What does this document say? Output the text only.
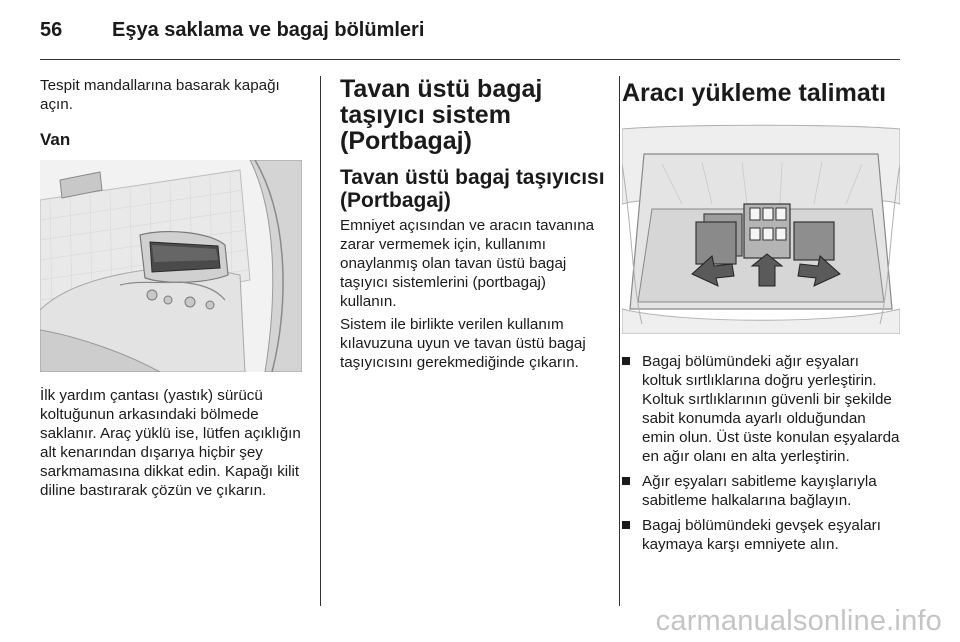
56 Eşya saklama ve bagaj bölümleri

Tespit mandallarına basarak kapağı açın.

Van

İlk yardım çantası (yastık) sürücü koltuğunun arkasındaki bölmede saklanır. Araç yüklü ise, lütfen açıklığın alt kenarından dışarıya hiçbir şey sarkmamasına dikkat edin. Kapağı kilit diline bastırarak çözün ve çıkarın.

Tavan üstü bagaj taşıyıcı sistem (Portbagaj)
Tavan üstü bagaj taşıyıcısı (Portbagaj)

Emniyet açısından ve aracın tavanına zarar vermemek için, kullanımı onaylanmış olan tavan üstü bagaj taşıyıcı sistemlerini (portbagaj) kullanın.

Sistem ile birlikte verilen kullanım kılavuzuna uyun ve tavan üstü bagaj taşıyıcısını gerekmediğinde çıkarın.

Aracı yükleme talimatı
Bagaj bölümündeki ağır eşyaları koltuk sırtlıklarına doğru yerleştirin. Koltuk sırtlıklarının güvenli bir şekilde sabit konumda ayarlı olduğundan emin olun. Üst üste konulan eşyalarda en ağır olanı en alta yerleştirin.
Ağır eşyaları sabitleme kayışlarıyla sabitleme halkalarına bağlayın.
Bagaj bölümündeki gevşek eşyaları kaymaya karşı emniyete alın.
carmanualsonline.info
